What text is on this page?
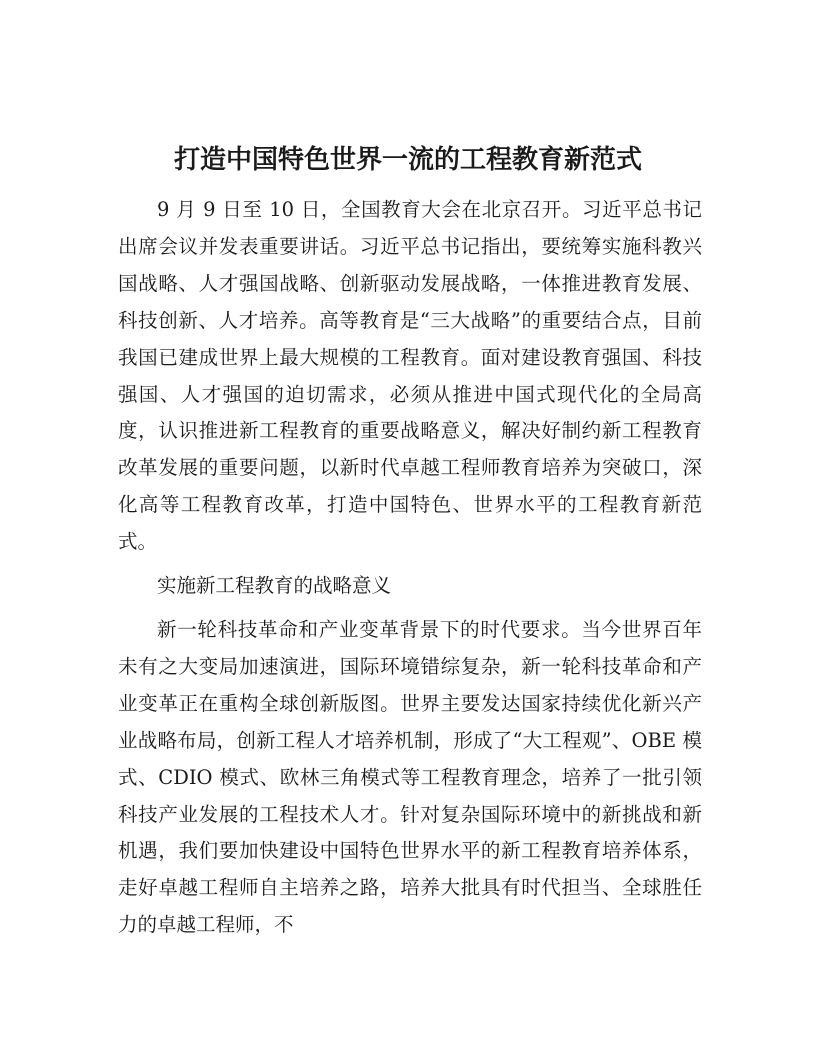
打造中国特色世界一流的工程教育新范式

9 月 9 日至 10 日，全国教育大会在北京召开。习近平总书记出席会议并发表重要讲话。习近平总书记指出，要统筹实施科教兴国战略、人才强国战略、创新驱动发展战略，一体推进教育发展、科技创新、人才培养。高等教育是“三大战略”的重要结合点，目前我国已建成世界上最大规模的工程教育。面对建设教育强国、科技强国、人才强国的迫切需求，必须从推进中国式现代化的全局高度，认识推进新工程教育的重要战略意义，解决好制约新工程教育改革发展的重要问题，以新时代卓越工程师教育培养为突破口，深化高等工程教育改革，打造中国特色、世界水平的工程教育新范式。

实施新工程教育的战略意义

新一轮科技革命和产业变革背景下的时代要求。当今世界百年未有之大变局加速演进，国际环境错综复杂，新一轮科技革命和产业变革正在重构全球创新版图。世界主要发达国家持续优化新兴产业战略布局，创新工程人才培养机制，形成了“大工程观”、OBE 模式、CDIO 模式、欧林三角模式等工程教育理念，培养了一批引领科技产业发展的工程技术人才。针对复杂国际环境中的新挑战和新机遇，我们要加快建设中国特色世界水平的新工程教育培养体系，走好卓越工程师自主培养之路，培养大批具有时代担当、全球胜任力的卓越工程师，不
